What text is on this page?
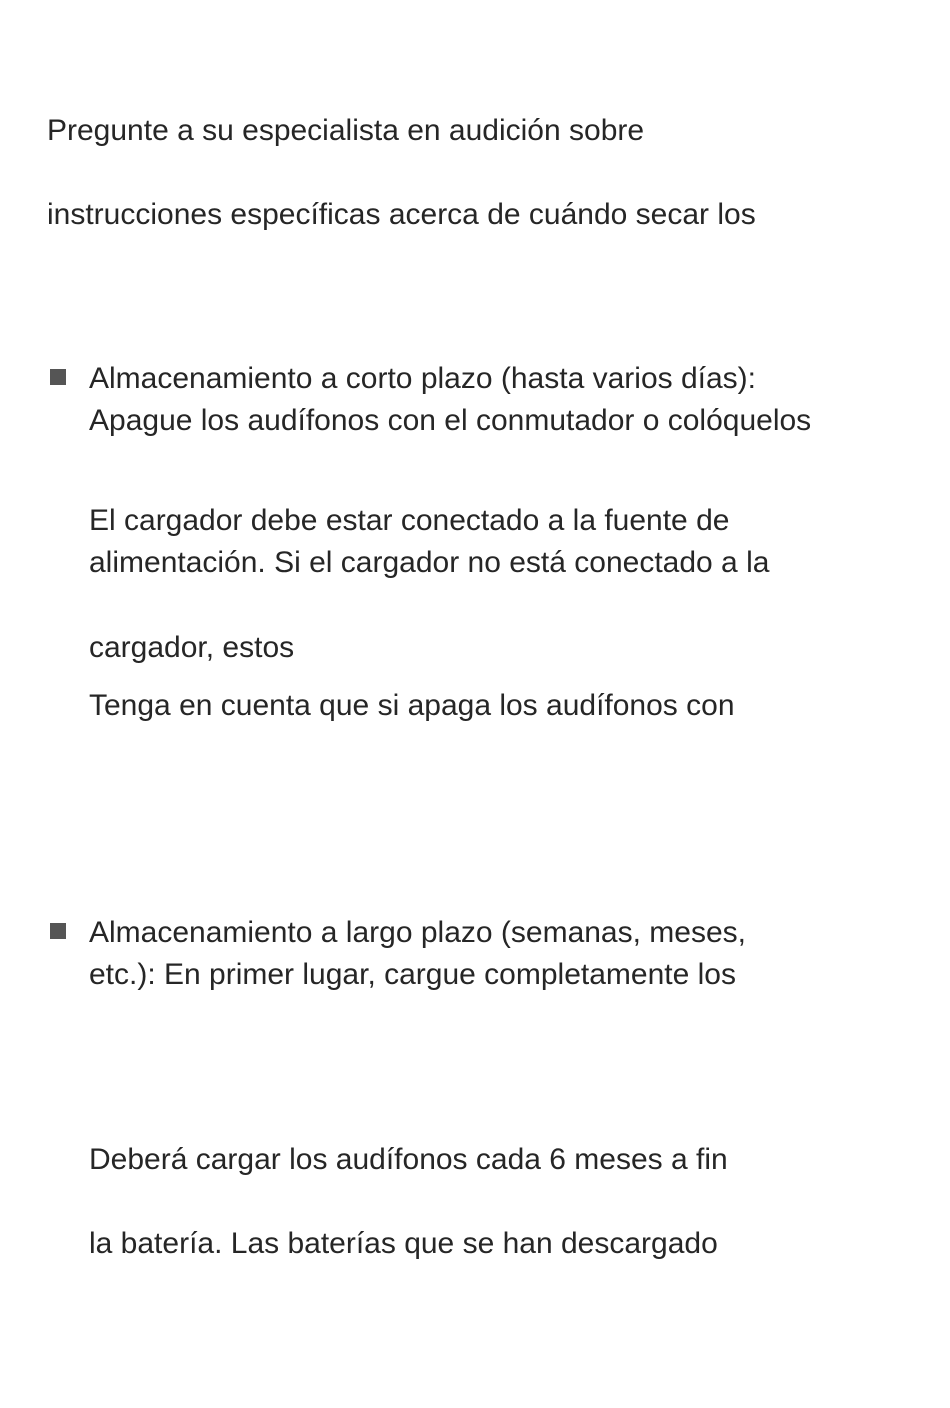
Pregunte a su especialista en audición sobre
instrucciones específicas acerca de cuándo secar los
Almacenamiento a corto plazo (hasta varios días):
Apague los audífonos con el conmutador o colóquelos
El cargador debe estar conectado a la fuente de
alimentación. Si el cargador no está conectado a la
cargador, estos
Tenga en cuenta que si apaga los audífonos con
Almacenamiento a largo plazo (semanas, meses,
etc.): En primer lugar, cargue completamente los
Deberá cargar los audífonos cada 6 meses a fin
la batería. Las baterías que se han descargado
